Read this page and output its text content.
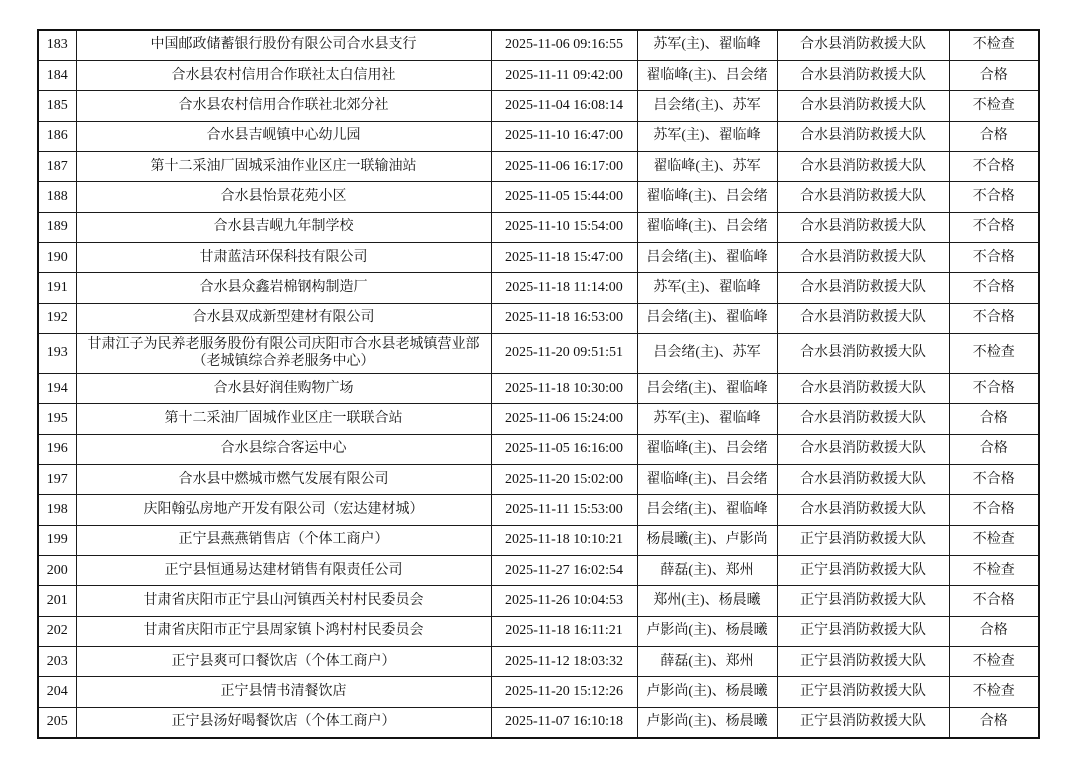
183	中国邮政储蓄银行股份有限公司合水县支行	2025-11-06 09:16:55	苏军(主)、翟临峰	合水县消防救援大队	不检查
184	合水县农村信用合作联社太白信用社	2025-11-11 09:42:00	翟临峰(主)、吕会绪	合水县消防救援大队	合格
185	合水县农村信用合作联社北郊分社	2025-11-04 16:08:14	吕会绪(主)、苏军	合水县消防救援大队	不检查
186	合水县吉岘镇中心幼儿园	2025-11-10 16:47:00	苏军(主)、翟临峰	合水县消防救援大队	合格
187	第十二采油厂固城采油作业区庄一联输油站	2025-11-06 16:17:00	翟临峰(主)、苏军	合水县消防救援大队	不合格
188	合水县怡景花苑小区	2025-11-05 15:44:00	翟临峰(主)、吕会绪	合水县消防救援大队	不合格
189	合水县吉岘九年制学校	2025-11-10 15:54:00	翟临峰(主)、吕会绪	合水县消防救援大队	不合格
190	甘肃蓝洁环保科技有限公司	2025-11-18 15:47:00	吕会绪(主)、翟临峰	合水县消防救援大队	不合格
191	合水县众鑫岩棉钢构制造厂	2025-11-18 11:14:00	苏军(主)、翟临峰	合水县消防救援大队	不合格
192	合水县双成新型建材有限公司	2025-11-18 16:53:00	吕会绪(主)、翟临峰	合水县消防救援大队	不合格
193	甘肃江子为民养老服务股份有限公司庆阳市合水县老城镇营业部
（老城镇综合养老服务中心）	2025-11-20 09:51:51	吕会绪(主)、苏军	合水县消防救援大队	不检查
194	合水县好润佳购物广场	2025-11-18 10:30:00	吕会绪(主)、翟临峰	合水县消防救援大队	不合格
195	第十二采油厂固城作业区庄一联联合站	2025-11-06 15:24:00	苏军(主)、翟临峰	合水县消防救援大队	合格
196	合水县综合客运中心	2025-11-05 16:16:00	翟临峰(主)、吕会绪	合水县消防救援大队	合格
197	合水县中燃城市燃气发展有限公司	2025-11-20 15:02:00	翟临峰(主)、吕会绪	合水县消防救援大队	不合格
198	庆阳翰弘房地产开发有限公司（宏达建材城）	2025-11-11 15:53:00	吕会绪(主)、翟临峰	合水县消防救援大队	不合格
199	正宁县燕燕销售店（个体工商户）	2025-11-18 10:10:21	杨晨曦(主)、卢影尚	正宁县消防救援大队	不检查
200	正宁县恒通易达建材销售有限责任公司	2025-11-27 16:02:54	薛磊(主)、郑州	正宁县消防救援大队	不检查
201	甘肃省庆阳市正宁县山河镇西关村村民委员会	2025-11-26 10:04:53	郑州(主)、杨晨曦	正宁县消防救援大队	不合格
202	甘肃省庆阳市正宁县周家镇卜鸿村村民委员会	2025-11-18 16:11:21	卢影尚(主)、杨晨曦	正宁县消防救援大队	合格
203	正宁县爽可口餐饮店（个体工商户）	2025-11-12 18:03:32	薛磊(主)、郑州	正宁县消防救援大队	不检查
204	正宁县情书清餐饮店	2025-11-20 15:12:26	卢影尚(主)、杨晨曦	正宁县消防救援大队	不检查
205	正宁县汤好喝餐饮店（个体工商户）	2025-11-07 16:10:18	卢影尚(主)、杨晨曦	正宁县消防救援大队	合格
